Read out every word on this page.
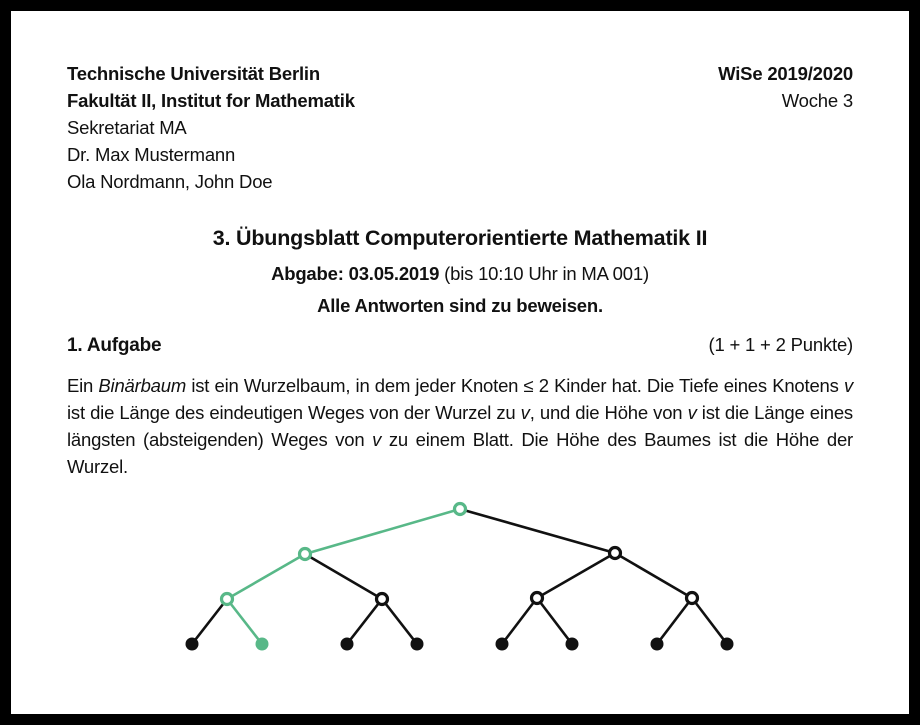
Technische Universität Berlin
Fakultät II, Institut for Mathematik
Sekretariat MA
Dr. Max Mustermann
Ola Nordmann, John Doe
WiSe 2019/2020
Woche 3
3. Übungsblatt Computerorientierte Mathematik II
Abgabe: 03.05.2019 (bis 10:10 Uhr in MA 001)
Alle Antworten sind zu beweisen.
1. Aufgabe	(1 + 1 + 2 Punkte)

Ein Binärbaum ist ein Wurzelbaum, in dem jeder Knoten ≤ 2 Kinder hat. Die Tiefe eines Knotens v ist die Länge des eindeutigen Weges von der Wurzel zu v, und die Höhe von v ist die Länge eines längsten (absteigenden) Weges von v zu einem Blatt. Die Höhe des Baumes ist die Höhe der Wurzel.
